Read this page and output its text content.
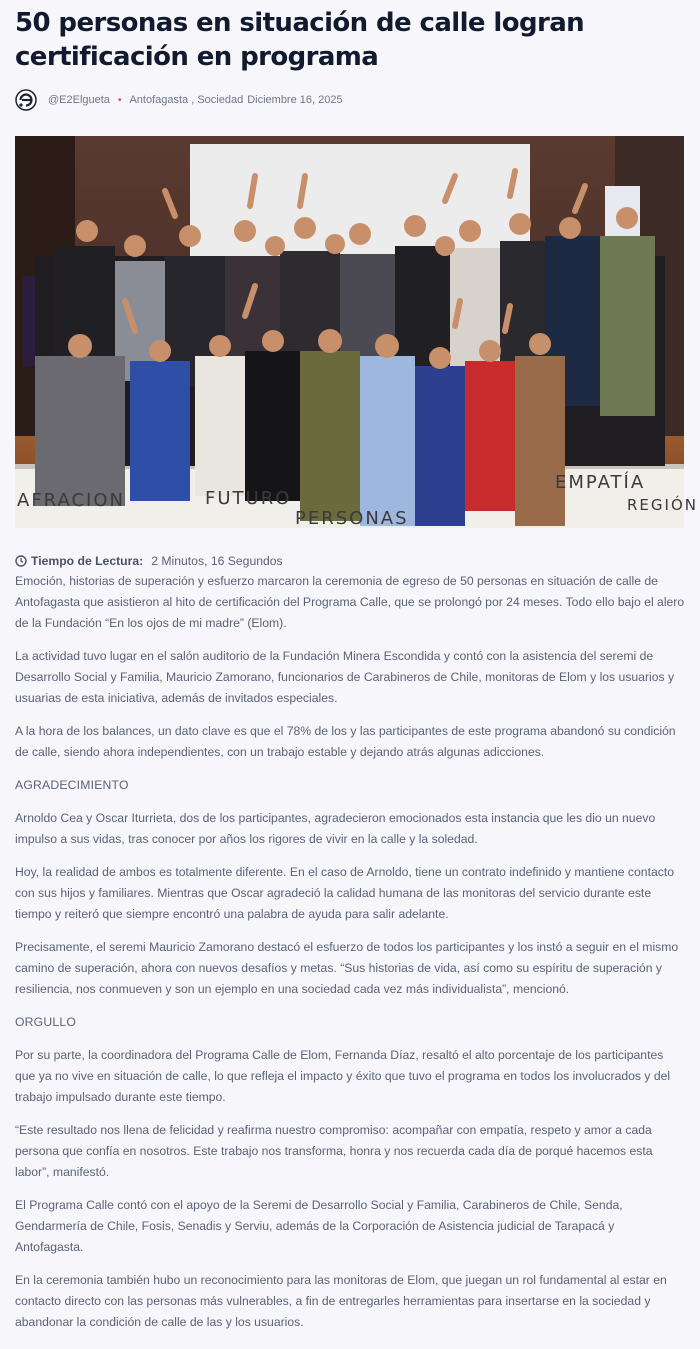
50 personas en situación de calle logran certificación en programa
@E2Elgueta • Antofagasta , Sociedad Diciembre 16, 2025
AFRACION	FUTURO
PERSONAS
EMPATÍA
REGIÓN
Tiempo de Lectura: 2 Minutos, 16 Segundos

Emoción, historias de superación y esfuerzo marcaron la ceremonia de egreso de 50 personas en situación de calle de Antofagasta que asistieron al hito de certificación del Programa Calle, que se prolongó por 24 meses. Todo ello bajo el alero de la Fundación “En los ojos de mi madre” (Elom).

La actividad tuvo lugar en el salón auditorio de la Fundación Minera Escondida y contó con la asistencia del seremi de Desarrollo Social y Familia, Mauricio Zamorano, funcionarios de Carabineros de Chile, monitoras de Elom y los usuarios y usuarias de esta iniciativa, además de invitados especiales.

A la hora de los balances, un dato clave es que el 78% de los y las participantes de este programa abandonó su condición de calle, siendo ahora independientes, con un trabajo estable y dejando atrás algunas adicciones.

AGRADECIMIENTO

Arnoldo Cea y Oscar Iturrieta, dos de los participantes, agradecieron emocionados esta instancia que les dio un nuevo impulso a sus vidas, tras conocer por años los rigores de vivir en la calle y la soledad.

Hoy, la realidad de ambos es totalmente diferente. En el caso de Arnoldo, tiene un contrato indefinido y mantiene contacto con sus hijos y familiares. Mientras que Oscar agradeció la calidad humana de las monitoras del servicio durante este tiempo y reiteró que siempre encontró una palabra de ayuda para salir adelante.

Precisamente, el seremi Mauricio Zamorano destacó el esfuerzo de todos los participantes y los instó a seguir en el mismo camino de superación, ahora con nuevos desafíos y metas. “Sus historias de vida, así como su espíritu de superación y resiliencia, nos conmueven y son un ejemplo en una sociedad cada vez más individualista”, mencionó.

ORGULLO

Por su parte, la coordinadora del Programa Calle de Elom, Fernanda Díaz, resaltó el alto porcentaje de los participantes que ya no vive en situación de calle, lo que refleja el impacto y éxito que tuvo el programa en todos los involucrados y del trabajo impulsado durante este tiempo.

“Este resultado nos llena de felicidad y reafirma nuestro compromiso: acompañar con empatía, respeto y amor a cada persona que confía en nosotros. Este trabajo nos transforma, honra y nos recuerda cada día de porqué hacemos esta labor”, manifestó.

El Programa Calle contó con el apoyo de la Seremi de Desarrollo Social y Familia, Carabineros de Chile, Senda, Gendarmería de Chile, Fosis, Senadis y Serviu, además de la Corporación de Asistencia judicial de Tarapacá y Antofagasta.

En la ceremonia también hubo un reconocimiento para las monitoras de Elom, que juegan un rol fundamental al estar en contacto directo con las personas más vulnerables, a fin de entregarles herramientas para insertarse en la sociedad y abandonar la condición de calle de las y los usuarios.
